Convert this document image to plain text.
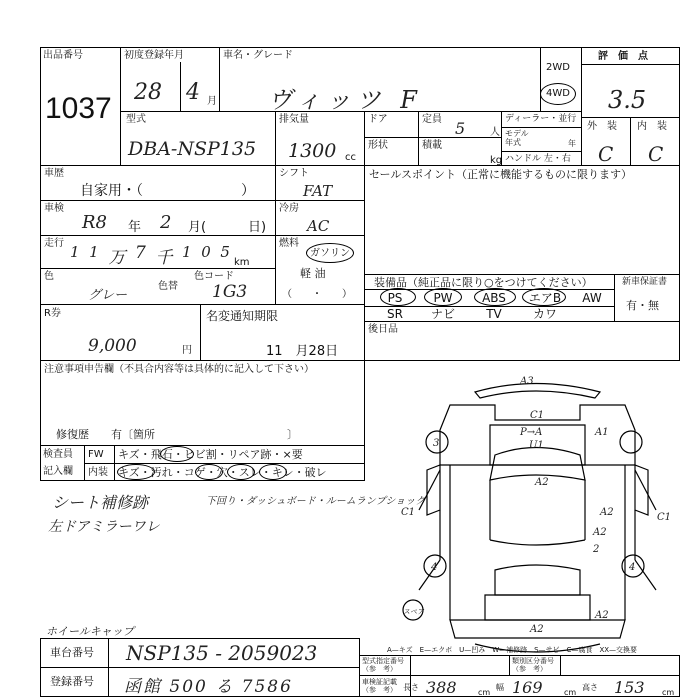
出品番号
1037
初度登録年月
28 4 月
車名・グレード
ヴィッツ F
2WD
4WD
評　価　点
3.5
外　装 内　装
C C
型式
DBA-NSP135
排気量
1300 cc
ドア
形状
定員 5 人
積載
kg
ディーラー・並行
モデル
年式	年
ハンドル 左・右
車歴
自家用・（　　　　　　　）
車検
R8 年 2 月(	日)
走行 1 1 万 7 千 1 0 5
km
色
グレー
色替
色コード
1G3
シフト
FAT
冷房
AC
燃料
ガソリン
軽 油
（　　・　　）
セールスポイント（正常に機能するものに限ります）
装備品（純正品に限り○をつけてください）	新車保証書
有・無
PS	PW	ABS	エアB	AW
SR	ナビ	TV	カワ
後日品
R券
9,000	円
名変通知期限
11　月28日
注意事項申告欄（不具合内容等は具体的に記入して下さい）
修復歴　　有〔箇所　　　　　　　　　　　　〕
検査員
記入欄
FW
内装
キズ・飛石・ヒビ割・リペア跡・×要
キズ・汚れ・コゲ・穴・スレ・キレ・破レ
シート補修跡
左ドアミラーワレ
下回り・ダッシュボード・ルームランプショック
ホイールキャップ
A3
C1
P→A
U1
A1
A2
C1	A2
A2
C1
A2
A2
3
4	4
2
スペア
A—キズ　E—エクボ　U—凹み　W—補修跡　S—サビ　C—腐食　XX—交換要
車台番号 NSP135 - 2059023
登録番号 函館 500 る 7586
型式指定番号
（参　考）
類別区分番号
（参　考）
車検証記載
（参　考） 長さ 388	cm
幅 169	cm
高さ 153 cm
